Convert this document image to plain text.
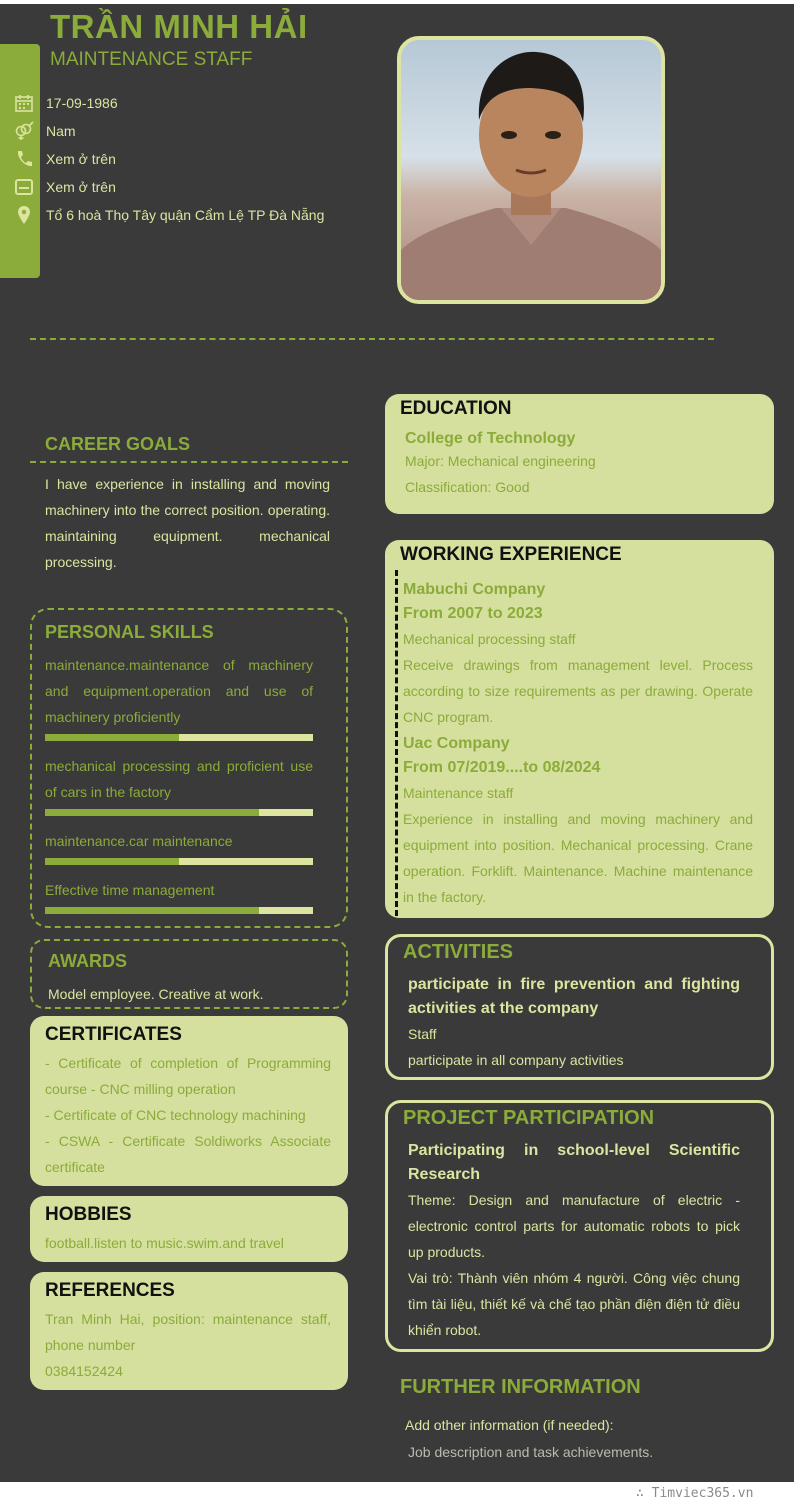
TRẦN MINH HẢI
MAINTENANCE STAFF
17-09-1986
Nam
Xem ở trên
Xem ở trên
Tổ 6 hoà Thọ Tây quận Cẩm Lệ TP Đà Nẵng
CAREER GOALS
I have experience in installing and moving machinery into the correct position. operating. maintaining equipment. mechanical processing.
PERSONAL SKILLS
maintenance.maintenance of machinery and equipment.operation and use of machinery proficiently
mechanical processing and proficient use of cars in the factory
maintenance.car maintenance
Effective time management
AWARDS
Model employee. Creative at work.
CERTIFICATES
- Certificate of completion of Programming course - CNC milling operation
- Certificate of CNC technology machining
- CSWA - Certificate Soldiworks Associate certificate
HOBBIES
football.listen to music.swim.and travel
REFERENCES
Tran Minh Hai, position: maintenance staff, phone number
0384152424
EDUCATION
College of Technology
Major: Mechanical engineering
Classification: Good
WORKING EXPERIENCE
Mabuchi Company
From 2007 to 2023
Mechanical processing staff
Receive drawings from management level. Process according to size requirements as per drawing. Operate CNC program.
Uac Company
From 07/2019....to 08/2024
Maintenance staff
Experience in installing and moving machinery and equipment into position. Mechanical processing. Crane operation. Forklift. Maintenance. Machine maintenance in the factory.
ACTIVITIES
participate in fire prevention and fighting activities at the company
Staff
participate in all company activities
PROJECT PARTICIPATION
Participating in school-level Scientific Research
Theme: Design and manufacture of electric - electronic control parts for automatic robots to pick up products.
Vai trò: Thành viên nhóm 4 người. Công việc chung tìm tài liệu, thiết kế và chế tạo phần điện điện tử điều khiển robot.
FURTHER INFORMATION
Add other information (if needed):
Job description and task achievements.
∴ Timviec365.vn
